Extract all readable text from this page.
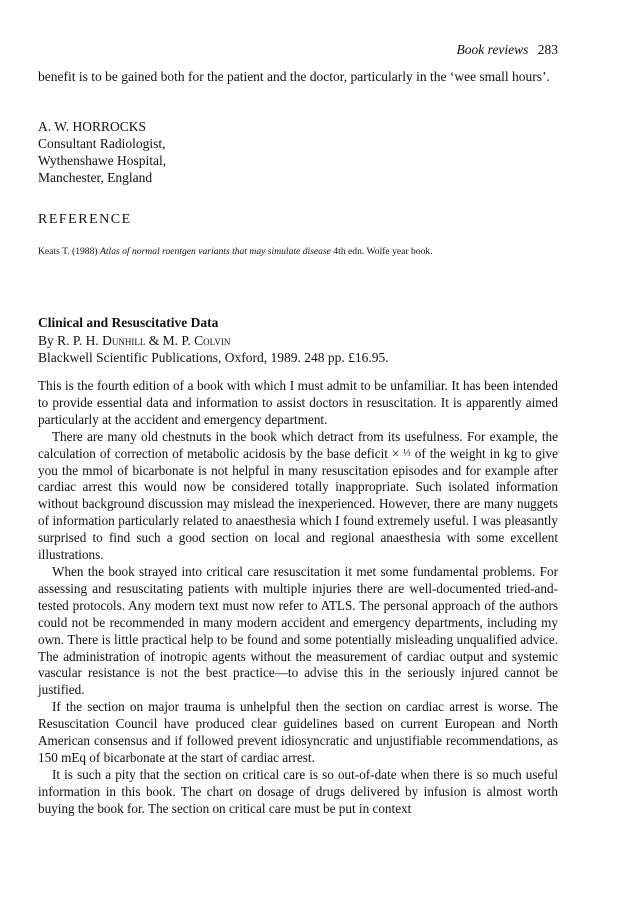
Book reviews 283
benefit is to be gained both for the patient and the doctor, particularly in the ‘wee small hours’.
A. W. HORROCKS
Consultant Radiologist,
Wythenshawe Hospital,
Manchester, England
REFERENCE
Keats T. (1988) Atlas of normal roentgen variants that may simulate disease 4th edn. Wolfe year book.
Clinical and Resuscitative Data
By R. P. H. Dunhill & M. P. Colvin
Blackwell Scientific Publications, Oxford, 1989. 248 pp. £16.95.

This is the fourth edition of a book with which I must admit to be unfamiliar. It has been intended to provide essential data and information to assist doctors in resuscitation. It is apparently aimed particularly at the accident and emergency department.

There are many old chestnuts in the book which detract from its usefulness. For example, the calculation of correction of metabolic acidosis by the base deficit × ⅓ of the weight in kg to give you the mmol of bicarbonate is not helpful in many resuscitation episodes and for example after cardiac arrest this would now be considered totally inappropriate. Such isolated information without background discussion may mislead the inexperienced. However, there are many nuggets of information particularly related to anaesthesia which I found extremely useful. I was pleasantly surprised to find such a good section on local and regional anaesthesia with some excellent illustrations.

When the book strayed into critical care resuscitation it met some fundamental problems. For assessing and resuscitating patients with multiple injuries there are well-documented tried-and-tested protocols. Any modern text must now refer to ATLS. The personal approach of the authors could not be recommended in many modern accident and emergency departments, including my own. There is little practical help to be found and some potentially misleading unqualified advice. The administration of inotropic agents without the measurement of cardiac output and systemic vascular resistance is not the best practice—to advise this in the seriously injured cannot be justified.

If the section on major trauma is unhelpful then the section on cardiac arrest is worse. The Resuscitation Council have produced clear guidelines based on current European and North American consensus and if followed prevent idiosyncratic and unjustifiable recommendations, as 150 mEq of bicarbonate at the start of cardiac arrest.

It is such a pity that the section on critical care is so out-of-date when there is so much useful information in this book. The chart on dosage of drugs delivered by infusion is almost worth buying the book for. The section on critical care must be put in context
